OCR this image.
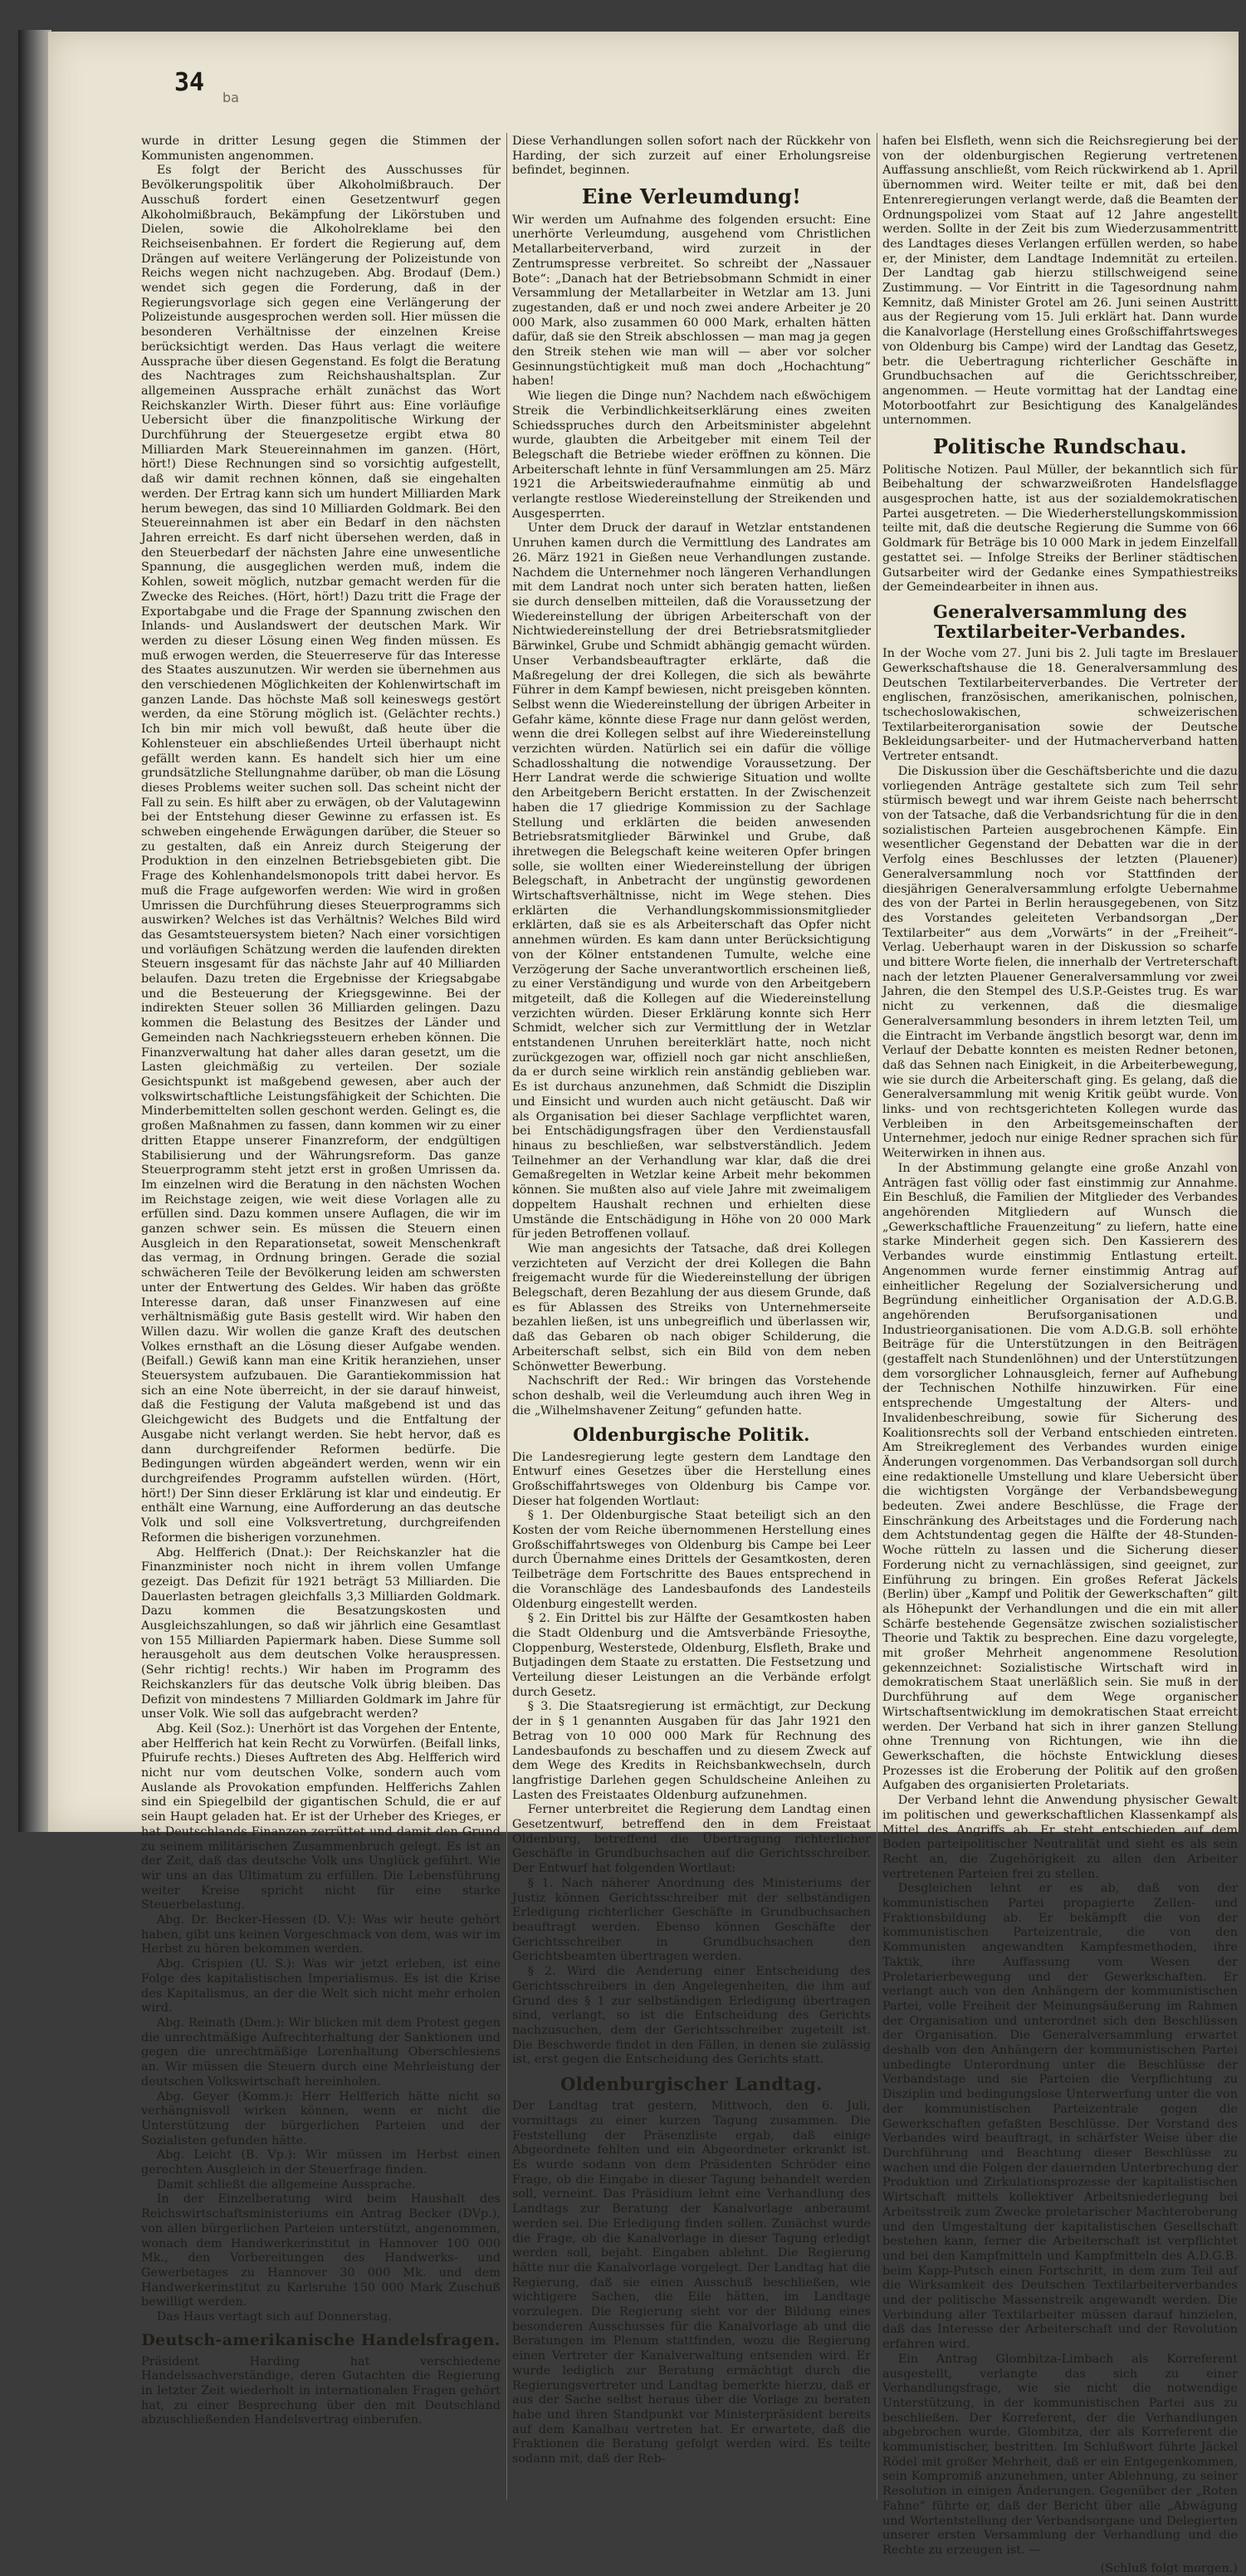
34
ba

wurde in dritter Lesung gegen die Stimmen der Kommunisten angenommen.

Es folgt der Bericht des Ausschusses für Bevölkerungspolitik über Alkoholmißbrauch. Der Ausschuß fordert einen Gesetzentwurf gegen Alkoholmißbrauch, Bekämpfung der Likörstuben und Dielen, sowie die Alkoholreklame bei den Reichseisenbahnen. Er fordert die Regierung auf, dem Drängen auf weitere Verlängerung der Polizeistunde von Reichs wegen nicht nachzugeben. Abg. Brodauf (Dem.) wendet sich gegen die Forderung, daß in der Regierungsvorlage sich gegen eine Verlängerung der Polizeistunde ausgesprochen werden soll. Hier müssen die besonderen Verhältnisse der einzelnen Kreise berücksichtigt werden. Das Haus verlagt die weitere Aussprache über diesen Gegenstand. Es folgt die Beratung des Nachtrages zum Reichshaushaltsplan. Zur allgemeinen Aussprache erhält zunächst das Wort Reichskanzler Wirth. Dieser führt aus: Eine vorläufige Uebersicht über die finanzpolitische Wirkung der Durchführung der Steuergesetze ergibt etwa 80 Milliarden Mark Steuereinnahmen im ganzen. (Hört, hört!) Diese Rechnungen sind so vorsichtig aufgestellt, daß wir damit rechnen können, daß sie eingehalten werden. Der Ertrag kann sich um hundert Milliarden Mark herum bewegen, das sind 10 Milliarden Goldmark. Bei den Steuereinnahmen ist aber ein Bedarf in den nächsten Jahren erreicht. Es darf nicht übersehen werden, daß in den Steuerbedarf der nächsten Jahre eine unwesentliche Spannung, die ausgeglichen werden muß, indem die Kohlen, soweit möglich, nutzbar gemacht werden für die Zwecke des Reiches. (Hört, hört!) Dazu tritt die Frage der Exportabgabe und die Frage der Spannung zwischen den Inlands- und Auslandswert der deutschen Mark. Wir werden zu dieser Lösung einen Weg finden müssen. Es muß erwogen werden, die Steuerreserve für das Interesse des Staates auszunutzen. Wir werden sie übernehmen aus den verschiedenen Möglichkeiten der Kohlenwirtschaft im ganzen Lande. Das höchste Maß soll keineswegs gestört werden, da eine Störung möglich ist. (Gelächter rechts.) Ich bin mir mich voll bewußt, daß heute über die Kohlensteuer ein abschließendes Urteil überhaupt nicht gefällt werden kann. Es handelt sich hier um eine grundsätzliche Stellungnahme darüber, ob man die Lösung dieses Problems weiter suchen soll. Das scheint nicht der Fall zu sein. Es hilft aber zu erwägen, ob der Valutagewinn bei der Entstehung dieser Gewinne zu erfassen ist. Es schweben eingehende Erwägungen darüber, die Steuer so zu gestalten, daß ein Anreiz durch Steigerung der Produktion in den einzelnen Betriebsgebieten gibt. Die Frage des Kohlenhandelsmonopols tritt dabei hervor. Es muß die Frage aufgeworfen werden: Wie wird in großen Umrissen die Durchführung dieses Steuerprogramms sich auswirken? Welches ist das Verhältnis? Welches Bild wird das Gesamtsteuersystem bieten? Nach einer vorsichtigen und vorläufigen Schätzung werden die laufenden direkten Steuern insgesamt für das nächste Jahr auf 40 Milliarden belaufen. Dazu treten die Ergebnisse der Kriegsabgabe und die Besteuerung der Kriegsgewinne. Bei der indirekten Steuer sollen 36 Milliarden gelingen. Dazu kommen die Belastung des Besitzes der Länder und Gemeinden nach Nachkriegssteuern erheben können. Die Finanzverwaltung hat daher alles daran gesetzt, um die Lasten gleichmäßig zu verteilen. Der soziale Gesichtspunkt ist maßgebend gewesen, aber auch der volkswirtschaftliche Leistungsfähigkeit der Schichten. Die Minderbemittelten sollen geschont werden. Gelingt es, die großen Maßnahmen zu fassen, dann kommen wir zu einer dritten Etappe unserer Finanzreform, der endgültigen Stabilisierung und der Währungsreform. Das ganze Steuerprogramm steht jetzt erst in großen Umrissen da. Im einzelnen wird die Beratung in den nächsten Wochen im Reichstage zeigen, wie weit diese Vorlagen alle zu erfüllen sind. Dazu kommen unsere Auflagen, die wir im ganzen schwer sein. Es müssen die Steuern einen Ausgleich in den Reparationsetat, soweit Menschenkraft das vermag, in Ordnung bringen. Gerade die sozial schwächeren Teile der Bevölkerung leiden am schwersten unter der Entwertung des Geldes. Wir haben das größte Interesse daran, daß unser Finanzwesen auf eine verhältnismäßig gute Basis gestellt wird. Wir haben den Willen dazu. Wir wollen die ganze Kraft des deutschen Volkes ernsthaft an die Lösung dieser Aufgabe wenden. (Beifall.) Gewiß kann man eine Kritik heranziehen, unser Steuersystem aufzubauen. Die Garantiekommission hat sich an eine Note überreicht, in der sie darauf hinweist, daß die Festigung der Valuta maßgebend ist und das Gleichgewicht des Budgets und die Entfaltung der Ausgabe nicht verlangt werden. Sie hebt hervor, daß es dann durchgreifender Reformen bedürfe. Die Bedingungen würden abgeändert werden, wenn wir ein durchgreifendes Programm aufstellen würden. (Hört, hört!) Der Sinn dieser Erklärung ist klar und eindeutig. Er enthält eine Warnung, eine Aufforderung an das deutsche Volk und soll eine Volksvertretung, durchgreifenden Reformen die bisherigen vorzunehmen.

Abg. Helfferich (Dnat.): Der Reichskanzler hat die Finanzminister noch nicht in ihrem vollen Umfange gezeigt. Das Defizit für 1921 beträgt 53 Milliarden. Die Dauerlasten betragen gleichfalls 3,3 Milliarden Goldmark. Dazu kommen die Besatzungskosten und Ausgleichszahlungen, so daß wir jährlich eine Gesamtlast von 155 Milliarden Papiermark haben. Diese Summe soll herausgeholt aus dem deutschen Volke herauspressen. (Sehr richtig! rechts.) Wir haben im Programm des Reichskanzlers für das deutsche Volk übrig bleiben. Das Defizit von mindestens 7 Milliarden Goldmark im Jahre für unser Volk. Wie soll das aufgebracht werden?

Abg. Keil (Soz.): Unerhört ist das Vorgehen der Entente, aber Helfferich hat kein Recht zu Vorwürfen. (Beifall links, Pfuirufe rechts.) Dieses Auftreten des Abg. Helfferich wird nicht nur vom deutschen Volke, sondern auch vom Auslande als Provokation empfunden. Helfferichs Zahlen sind ein Spiegelbild der gigantischen Schuld, die er auf sein Haupt geladen hat. Er ist der Urheber des Krieges, er hat Deutschlands Finanzen zerrüttet und damit den Grund zu seinem militärischen Zusammenbruch gelegt. Es ist an der Zeit, daß das deutsche Volk uns Unglück geführt. Wie wir uns an das Ultimatum zu erfüllen. Die Lebensführung weiter Kreise spricht nicht für eine starke Steuerbelastung.

Abg. Dr. Becker-Hessen (D. V.): Was wir heute gehört haben, gibt uns keinen Vorgeschmack von dem, was wir im Herbst zu hören bekommen werden.

Abg. Crispien (U. S.): Was wir jetzt erleben, ist eine Folge des kapitalistischen Imperialismus. Es ist die Krise des Kapitalismus, an der die Welt sich nicht mehr erholen wird.

Abg. Reinath (Dem.): Wir blicken mit dem Protest gegen die unrechtmäßige Aufrechterhaltung der Sanktionen und gegen die unrechtmäßige Lorenhaltung Oberschlesiens an. Wir müssen die Steuern durch eine Mehrleistung der deutschen Volkswirtschaft hereinholen.

Abg. Geyer (Komm.): Herr Helfferich hätte nicht so verhängnisvoll wirken können, wenn er nicht die Unterstützung der bürgerlichen Parteien und der Sozialisten gefunden hätte.

Abg. Leicht (B. Vp.): Wir müssen im Herbst einen gerechten Ausgleich in der Steuerfrage finden.

Damit schließt die allgemeine Aussprache.

In der Einzelberatung wird beim Haushalt des Reichswirtschaftsministeriums ein Antrag Becker (DVp.), von allen bürgerlichen Parteien unterstützt, angenommen, wonach dem Handwerkerinstitut in Hannover 100 000 Mk., den Vorbereitungen des Handwerks- und Gewerbetages zu Hannover 30 000 Mk. und dem Handwerkerinstitut zu Karlsruhe 150 000 Mark Zuschuß bewilligt werden.

Das Haus vertagt sich auf Donnerstag.

Deutsch-amerikanische Handelsfragen.

Präsident Harding hat verschiedene Handelssachverständige, deren Gutachten die Regierung in letzter Zeit wiederholt in internationalen Fragen gehört hat, zu einer Besprechung über den mit Deutschland abzuschließenden Handelsvertrag einberufen.

Diese Verhandlungen sollen sofort nach der Rückkehr von Harding, der sich zurzeit auf einer Erholungsreise befindet, beginnen.

Eine Verleumdung!

Wir werden um Aufnahme des folgenden ersucht: Eine unerhörte Verleumdung, ausgehend vom Christlichen Metallarbeiterverband, wird zurzeit in der Zentrumspresse verbreitet. So schreibt der „Nassauer Bote“: „Danach hat der Betriebsobmann Schmidt in einer Versammlung der Metallarbeiter in Wetzlar am 13. Juni zugestanden, daß er und noch zwei andere Arbeiter je 20 000 Mark, also zusammen 60 000 Mark, erhalten hätten dafür, daß sie den Streik abschlossen — man mag ja gegen den Streik stehen wie man will — aber vor solcher Gesinnungstüchtigkeit muß man doch „Hochachtung“ haben!

Wie liegen die Dinge nun? Nachdem nach eßwöchigem Streik die Verbindlichkeitserklärung eines zweiten Schiedsspruches durch den Arbeitsminister abgelehnt wurde, glaubten die Arbeitgeber mit einem Teil der Belegschaft die Betriebe wieder eröffnen zu können. Die Arbeiterschaft lehnte in fünf Versammlungen am 25. März 1921 die Arbeitswiederaufnahme einmütig ab und verlangte restlose Wiedereinstellung der Streikenden und Ausgesperrten.

Unter dem Druck der darauf in Wetzlar entstandenen Unruhen kamen durch die Vermittlung des Landrates am 26. März 1921 in Gießen neue Verhandlungen zustande. Nachdem die Unternehmer noch längeren Verhandlungen mit dem Landrat noch unter sich beraten hatten, ließen sie durch denselben mitteilen, daß die Voraussetzung der Wiedereinstellung der übrigen Arbeiterschaft von der Nichtwiedereinstellung der drei Betriebsratsmitglieder Bärwinkel, Grube und Schmidt abhängig gemacht würden. Unser Verbandsbeauftragter erklärte, daß die Maßregelung der drei Kollegen, die sich als bewährte Führer in dem Kampf bewiesen, nicht preisgeben könnten. Selbst wenn die Wiedereinstellung der übrigen Arbeiter in Gefahr käme, könnte diese Frage nur dann gelöst werden, wenn die drei Kollegen selbst auf ihre Wiedereinstellung verzichten würden. Natürlich sei ein dafür die völlige Schadlosshaltung die notwendige Voraussetzung. Der Herr Landrat werde die schwierige Situation und wollte den Arbeitgebern Bericht erstatten. In der Zwischenzeit haben die 17 gliedrige Kommission zu der Sachlage Stellung und erklärten die beiden anwesenden Betriebsratsmitglieder Bärwinkel und Grube, daß ihretwegen die Belegschaft keine weiteren Opfer bringen solle, sie wollten einer Wiedereinstellung der übrigen Belegschaft, in Anbetracht der ungünstig gewordenen Wirtschaftsverhältnisse, nicht im Wege stehen. Dies erklärten die Verhandlungskommissionsmitglieder erklärten, daß sie es als Arbeiterschaft das Opfer nicht annehmen würden. Es kam dann unter Berücksichtigung von der Kölner entstandenen Tumulte, welche eine Verzögerung der Sache unverantwortlich erscheinen ließ, zu einer Verständigung und wurde von den Arbeitgebern mitgeteilt, daß die Kollegen auf die Wiedereinstellung verzichten würden. Dieser Erklärung konnte sich Herr Schmidt, welcher sich zur Vermittlung der in Wetzlar entstandenen Unruhen bereiterklärt hatte, noch nicht zurückgezogen war, offiziell noch gar nicht anschließen, da er durch seine wirklich rein anständig geblieben war. Es ist durchaus anzunehmen, daß Schmidt die Disziplin und Einsicht und wurden auch nicht getäuscht. Daß wir als Organisation bei dieser Sachlage verpflichtet waren, bei Entschädigungsfragen über den Verdienstausfall hinaus zu beschließen, war selbstverständlich. Jedem Teilnehmer an der Verhandlung war klar, daß die drei Gemaßregelten in Wetzlar keine Arbeit mehr bekommen können. Sie mußten also auf viele Jahre mit zweimaligem doppeltem Haushalt rechnen und erhielten diese Umstände die Entschädigung in Höhe von 20 000 Mark für jeden Betroffenen vollauf.

Wie man angesichts der Tatsache, daß drei Kollegen verzichteten auf Verzicht der drei Kollegen die Bahn freigemacht wurde für die Wiedereinstellung der übrigen Belegschaft, deren Bezahlung der aus diesem Grunde, daß es für Ablassen des Streiks von Unternehmerseite bezahlen ließen, ist uns unbegreiflich und überlassen wir, daß das Gebaren ob nach obiger Schilderung, die Arbeiterschaft selbst, sich ein Bild von dem neben Schönwetter Bewerbung.

Nachschrift der Red.: Wir bringen das Vorstehende schon deshalb, weil die Verleumdung auch ihren Weg in die „Wilhelmshavener Zeitung“ gefunden hatte.

Oldenburgische Politik.

Die Landesregierung legte gestern dem Landtage den Entwurf eines Gesetzes über die Herstellung eines Großschiffahrtsweges von Oldenburg bis Campe vor. Dieser hat folgenden Wortlaut:

§ 1. Der Oldenburgische Staat beteiligt sich an den Kosten der vom Reiche übernommenen Herstellung eines Großschiffahrtsweges von Oldenburg bis Campe bei Leer durch Übernahme eines Drittels der Gesamtkosten, deren Teilbeträge dem Fortschritte des Baues entsprechend in die Voranschläge des Landesbaufonds des Landesteils Oldenburg eingestellt werden.

§ 2. Ein Drittel bis zur Hälfte der Gesamtkosten haben die Stadt Oldenburg und die Amtsverbände Friesoythe, Cloppenburg, Westerstede, Oldenburg, Elsfleth, Brake und Butjadingen dem Staate zu erstatten. Die Festsetzung und Verteilung dieser Leistungen an die Verbände erfolgt durch Gesetz.

§ 3. Die Staatsregierung ist ermächtigt, zur Deckung der in § 1 genannten Ausgaben für das Jahr 1921 den Betrag von 10 000 000 Mark für Rechnung des Landesbaufonds zu beschaffen und zu diesem Zweck auf dem Wege des Kredits in Reichsbankwechseln, durch langfristige Darlehen gegen Schuldscheine Anleihen zu Lasten des Freistaates Oldenburg aufzunehmen.

Ferner unterbreitet die Regierung dem Landtag einen Gesetzentwurf, betreffend den in dem Freistaat Oldenburg, betreffend die Übertragung richterlicher Geschäfte in Grundbuchsachen auf die Gerichtsschreiber. Der Entwurf hat folgenden Wortlaut:

§ 1. Nach näherer Anordnung des Ministeriums der Justiz können Gerichtsschreiber mit der selbständigen Erledigung richterlicher Geschäfte in Grundbuchsachen beauftragt werden. Ebenso können Geschäfte der Gerichtsschreiber in Grundbuchsachen den Gerichtsbeamten übertragen werden.

§ 2. Wird die Aenderung einer Entscheidung des Gerichtsschreibers in den Angelegenheiten, die ihm auf Grund des § 1 zur selbständigen Erledigung übertragen sind, verlangt, so ist die Entscheidung des Gerichts nachzusuchen, dem der Gerichtsschreiber zugeteilt ist. Die Beschwerde findet in den Fällen, in denen sie zulässig ist, erst gegen die Entscheidung des Gerichts statt.

Oldenburgischer Landtag.

Der Landtag trat gestern, Mittwoch, den 6. Juli, vormittags zu einer kurzen Tagung zusammen. Die Feststellung der Präsenzliste ergab, daß einige Abgeordnete fehlten und ein Abgeordneter erkrankt ist. Es wurde sodann von dem Präsidenten Schröder eine Frage, ob die Eingabe in dieser Tagung behandelt werden soll, verneint. Das Präsidium lehnt eine Verhandlung des Landtags zur Beratung der Kanalvorlage anberaumt werden sei. Die Erledigung finden sollen. Zunächst wurde die Frage, ob die Kanalvorlage in dieser Tagung erledigt werden soll, bejaht. Eingaben ablehnt. Die Regierung hätte nur die Kanalvorlage vorgelegt. Der Landtag hat die Regierung, daß sie einen Ausschuß beschließen, wie wichtigere Sachen, die Eile hätten, im Landtage vorzulegen. Die Regierung sieht vor der Bildung eines besonderen Ausschusses für die Kanalvorlage ab und die Beratungen im Plenum stattfinden, wozu die Regierung einen Vertreter der Kanalverwaltung entsenden wird. Er wurde lediglich zur Beratung ermächtigt durch die Regierungsvertreter und Landtag bemerkte hierzu, daß er aus der Sache selbst heraus über die Vorlage zu beraten habe und ihren Standpunkt vor Ministerpräsident bereits auf dem Kanalbau vertreten hat. Er erwartete, daß die Fraktionen die Beratung gefolgt werden wird. Es teilte sodann mit, daß der Reb-

hafen bei Elsfleth, wenn sich die Reichsregierung bei der von der oldenburgischen Regierung vertretenen Auffassung anschließt, vom Reich rückwirkend ab 1. April übernommen wird. Weiter teilte er mit, daß bei den Entenreregierungen verlangt werde, daß die Beamten der Ordnungspolizei vom Staat auf 12 Jahre angestellt werden. Sollte in der Zeit bis zum Wiederzusammentritt des Landtages dieses Verlangen erfüllen werden, so habe er, der Minister, dem Landtage Indemnität zu erteilen. Der Landtag gab hierzu stillschweigend seine Zustimmung. — Vor Eintritt in die Tagesordnung nahm Kemnitz, daß Minister Grotel am 26. Juni seinen Austritt aus der Regierung vom 15. Juli erklärt hat. Dann wurde die Kanalvorlage (Herstellung eines Großschiffahrtsweges von Oldenburg bis Campe) wird der Landtag das Gesetz, betr. die Uebertragung richterlicher Geschäfte in Grundbuchsachen auf die Gerichtsschreiber, angenommen. — Heute vormittag hat der Landtag eine Motorbootfahrt zur Besichtigung des Kanalgeländes unternommen.

Politische Rundschau.

Politische Notizen. Paul Müller, der bekanntlich sich für Beibehaltung der schwarzweißroten Handelsflagge ausgesprochen hatte, ist aus der sozialdemokratischen Partei ausgetreten. — Die Wiederherstellungskommission teilte mit, daß die deutsche Regierung die Summe von 66 Goldmark für Beträge bis 10 000 Mark in jedem Einzelfall gestattet sei. — Infolge Streiks der Berliner städtischen Gutsarbeiter wird der Gedanke eines Sympathiestreiks der Gemeindearbeiter in ihnen aus.

Generalversammlung des Textilarbeiter-Verbandes.

In der Woche vom 27. Juni bis 2. Juli tagte im Breslauer Gewerkschaftshause die 18. Generalversammlung des Deutschen Textilarbeiterverbandes. Die Vertreter der englischen, französischen, amerikanischen, polnischen, tschechoslowakischen, schweizerischen Textilarbeiterorganisation sowie der Deutsche Bekleidungsarbeiter- und der Hutmacherverband hatten Vertreter entsandt.

Die Diskussion über die Geschäftsberichte und die dazu vorliegenden Anträge gestaltete sich zum Teil sehr stürmisch bewegt und war ihrem Geiste nach beherrscht von der Tatsache, daß die Verbandsrichtung für die in den sozialistischen Parteien ausgebrochenen Kämpfe. Ein wesentlicher Gegenstand der Debatten war die in der Verfolg eines Beschlusses der letzten (Plauener) Generalversammlung noch vor Stattfinden der diesjährigen Generalversammlung erfolgte Uebernahme des von der Partei in Berlin herausgegebenen, von Sitz des Vorstandes geleiteten Verbandsorgan „Der Textilarbeiter“ aus dem „Vorwärts“ in der „Freiheit“-Verlag. Ueberhaupt waren in der Diskussion so scharfe und bittere Worte fielen, die innerhalb der Vertreterschaft nach der letzten Plauener Generalversammlung vor zwei Jahren, die den Stempel des U.S.P.-Geistes trug. Es war nicht zu verkennen, daß die diesmalige Generalversammlung besonders in ihrem letzten Teil, um die Eintracht im Verbande ängstlich besorgt war, denn im Verlauf der Debatte konnten es meisten Redner betonen, daß das Sehnen nach Einigkeit, in die Arbeiterbewegung, wie sie durch die Arbeiterschaft ging. Es gelang, daß die Generalversammlung mit wenig Kritik geübt wurde. Von links- und von rechtsgerichteten Kollegen wurde das Verbleiben in den Arbeitsgemeinschaften der Unternehmer, jedoch nur einige Redner sprachen sich für Weiterwirken in ihnen aus.

In der Abstimmung gelangte eine große Anzahl von Anträgen fast völlig oder fast einstimmig zur Annahme. Ein Beschluß, die Familien der Mitglieder des Verbandes angehörenden Mitgliedern auf Wunsch die „Gewerkschaftliche Frauenzeitung“ zu liefern, hatte eine starke Minderheit gegen sich. Den Kassierern des Verbandes wurde einstimmig Entlastung erteilt. Angenommen wurde ferner einstimmig Antrag auf einheitlicher Regelung der Sozialversicherung und Begründung einheitlicher Organisation der A.D.G.B. angehörenden Berufsorganisationen und Industrieorganisationen. Die vom A.D.G.B. soll erhöhte Beiträge für die Unterstützungen in den Beiträgen (gestaffelt nach Stundenlöhnen) und der Unterstützungen dem vorsorglicher Lohnausgleich, ferner auf Aufhebung der Technischen Nothilfe hinzuwirken. Für eine entsprechende Umgestaltung der Alters- und Invalidenbeschreibung, sowie für Sicherung des Koalitionsrechts soll der Verband entschieden eintreten. Am Streikreglement des Verbandes wurden einige Änderungen vorgenommen. Das Verbandsorgan soll durch eine redaktionelle Umstellung und klare Uebersicht über die wichtigsten Vorgänge der Verbandsbewegung bedeuten. Zwei andere Beschlüsse, die Frage der Einschränkung des Arbeitstages und die Forderung nach dem Achtstundentag gegen die Hälfte der 48-Stunden-Woche rütteln zu lassen und die Sicherung dieser Forderung nicht zu vernachlässigen, sind geeignet, zur Einführung zu bringen. Ein großes Referat Jäckels (Berlin) über „Kampf und Politik der Gewerkschaften“ gilt als Höhepunkt der Verhandlungen und die ein mit aller Schärfe bestehende Gegensätze zwischen sozialistischer Theorie und Taktik zu besprechen. Eine dazu vorgelegte, mit großer Mehrheit angenommene Resolution gekennzeichnet: Sozialistische Wirtschaft wird in demokratischem Staat unerläßlich sein. Sie muß in der Durchführung auf dem Wege organischer Wirtschaftsentwicklung im demokratischen Staat erreicht werden. Der Verband hat sich in ihrer ganzen Stellung ohne Trennung von Richtungen, wie ihn die Gewerkschaften, die höchste Entwicklung dieses Prozesses ist die Eroberung der Politik auf den großen Aufgaben des organisierten Proletariats.

Der Verband lehnt die Anwendung physischer Gewalt im politischen und gewerkschaftlichen Klassenkampf als Mittel des Angriffs ab. Er steht entschieden auf dem Boden parteipolitischer Neutralität und sieht es als sein Recht an, die Zugehörigkeit zu allen den Arbeiter vertretenen Parteien frei zu stellen.

Desgleichen lehnt er es ab, daß von der kommunistischen Partei propagierte Zellen- und Fraktionsbildung ab. Er bekämpft die von der kommunistischen Parteizentrale, die von den Kommunisten angewandten Kampfesmethoden, ihre Taktik, ihre Auffassung vom Wesen der Proletarierbewegung und der Gewerkschaften. Er verlangt auch von den Anhängern der kommunistischen Partei, volle Freiheit der Meinungsäußerung im Rahmen der Organisation und unterordnet sich den Beschlüssen der Organisation. Die Generalversammlung erwartet deshalb von den Anhängern der kommunistischen Partei unbedingte Unterordnung unter die Beschlüsse der Verbandstage und sie Parteien die Verpflichtung zu Disziplin und bedingungslose Unterwerfung unter die von der kommunistischen Parteizentrale gegen die Gewerkschaften gefaßten Beschlüsse. Der Vorstand des Verbandes wird beauftragt, in schärfster Weise über die Durchführung und Beachtung dieser Beschlüsse zu wachen und die Folgen der dauernden Unterbrechung der Produktion und Zirkulationsprozesse der kapitalistischen Wirtschaft mittels kollektiver Arbeitsniederlegung bei Arbeitsstreik zum Zwecke proletarischer Machteroberung und den Umgestaltung der kapitalistischen Gesellschaft bestehen kann, ferner die Arbeiterschaft ist verpflichtet und bei den Kampfmitteln und Kampfmitteln des A.D.G.B. beim Kapp-Putsch einen Fortschritt, in dem zum Teil auf die Wirksamkeit des Deutschen Textilarbeiterverbandes und der politische Massenstreik angewandt werden. Die Verbindung aller Textilarbeiter müssen darauf hinzielen, daß das Interesse der Arbeiterschaft und der Revolution erfahren wird.

Ein Antrag Glombitza-Limbach als Korreferent ausgestellt, verlangte das sich zu einer Verhandlungsfrage, wie sie nicht die notwendige Unterstützung, in der kommunistischen Partei aus zu beschließen. Der Korreferent, der die Verhandlungen abgebrochen wurde. Glombitza, der als Korreferent die kommunistischer, bestritten. Im Schlußwort führte Jäckel Rödel mit großer Mehrheit, daß er ein Entgegenkommen, sein Kompromiß anzunehmen, unter Ablehnung, zu seiner Resolution in einigen Änderungen. Gegenüber der „Roten Fahne“ führte er, daß der Bericht über alle „Abwägung und Wortentstellung der Verbandsorgane und Delegierten unserer ersten Versammlung der Verhandlung und die Rechte zu erzeugen ist. —

(Schluß folgt morgen.)
